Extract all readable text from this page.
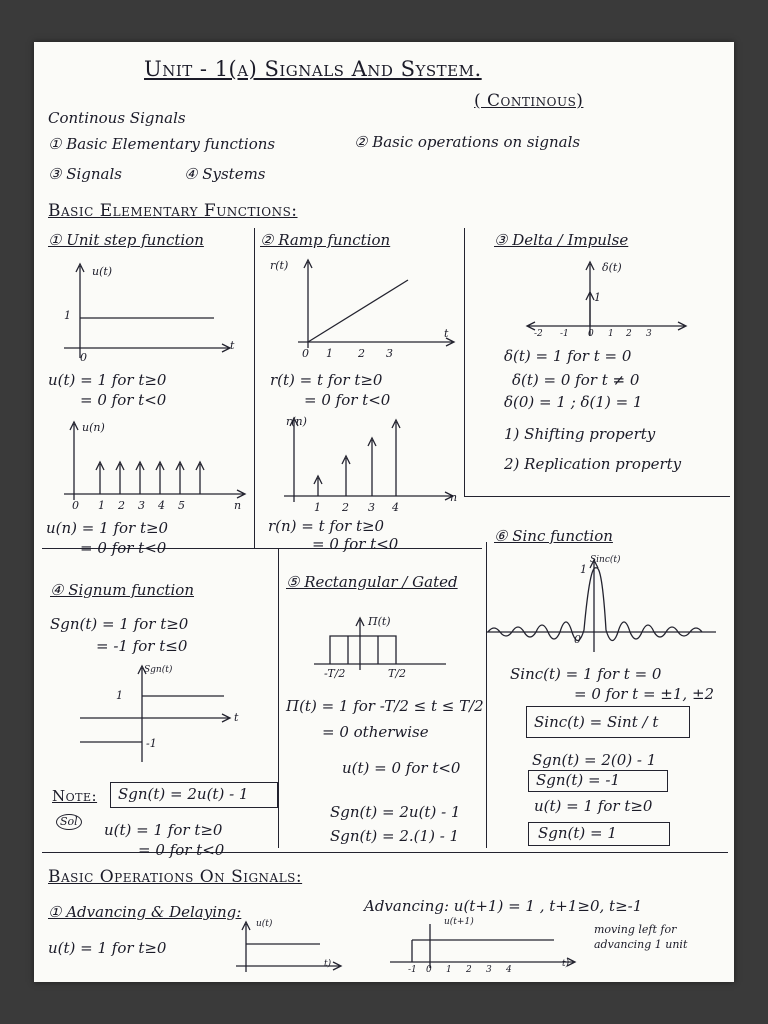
Unit - 1(a) Signals And System.
( Continous)
Continous Signals
① Basic Elementary functions	② Basic operations on signals
③ Signals	④ Systems
Basic Elementary Functions:
① Unit step function
u(t)
1
0
t
u(t) = 1 for t≥0
= 0 for t<0
u(n)
0 1 2 3 4 5	n
u(n) = 1 for t≥0
= 0 for t<0
② Ramp function
r(t)
t
0 1 2 3
r(t) = t for t≥0
= 0 for t<0
r(n)
1 2 3 4
n
r(n) = t for t≥0
= 0 for t<0
③ Delta / Impulse
δ(t)
1
-2 -1 0 1 2 3
δ(t) = 1 for t = 0
δ(t) = 0 for t ≠ 0
δ(0) = 1 ; δ(1) = 1
1) Shifting property
2) Replication property
④ Signum function
Sgn(t) = 1 for t≥0
= -1 for t≤0
Sgn(t)
1
-1
t
Note: Sgn(t) = 2u(t) - 1
Sol u(t) = 1 for t≥0
= 0 for t<0
⑤ Rectangular / Gated
Π(t)
-T/2	T/2
Π(t) = 1 for -T/2 ≤ t ≤ T/2
= 0 otherwise
u(t) = 0 for t<0
Sgn(t) = 2u(t) - 1
Sgn(t) = 2.(1) - 1
⑥ Sinc function
Sinc(t)
1
0
Sinc(t) = 1 for t = 0
= 0 for t = ±1, ±2
Sinc(t) = Sint / t
Sgn(t) = 2(0) - 1
Sgn(t) = -1
u(t) = 1 for t≥0
Sgn(t) = 1
Basic Operations On Signals:
① Advancing & Delaying:
u(t) = 1 for t≥0
u(t)
t)
Advancing: u(t+1) = 1 , t+1≥0, t≥-1
u(t+1)
-1 0 1 2 3 4
t)
moving left for advancing 1 unit
